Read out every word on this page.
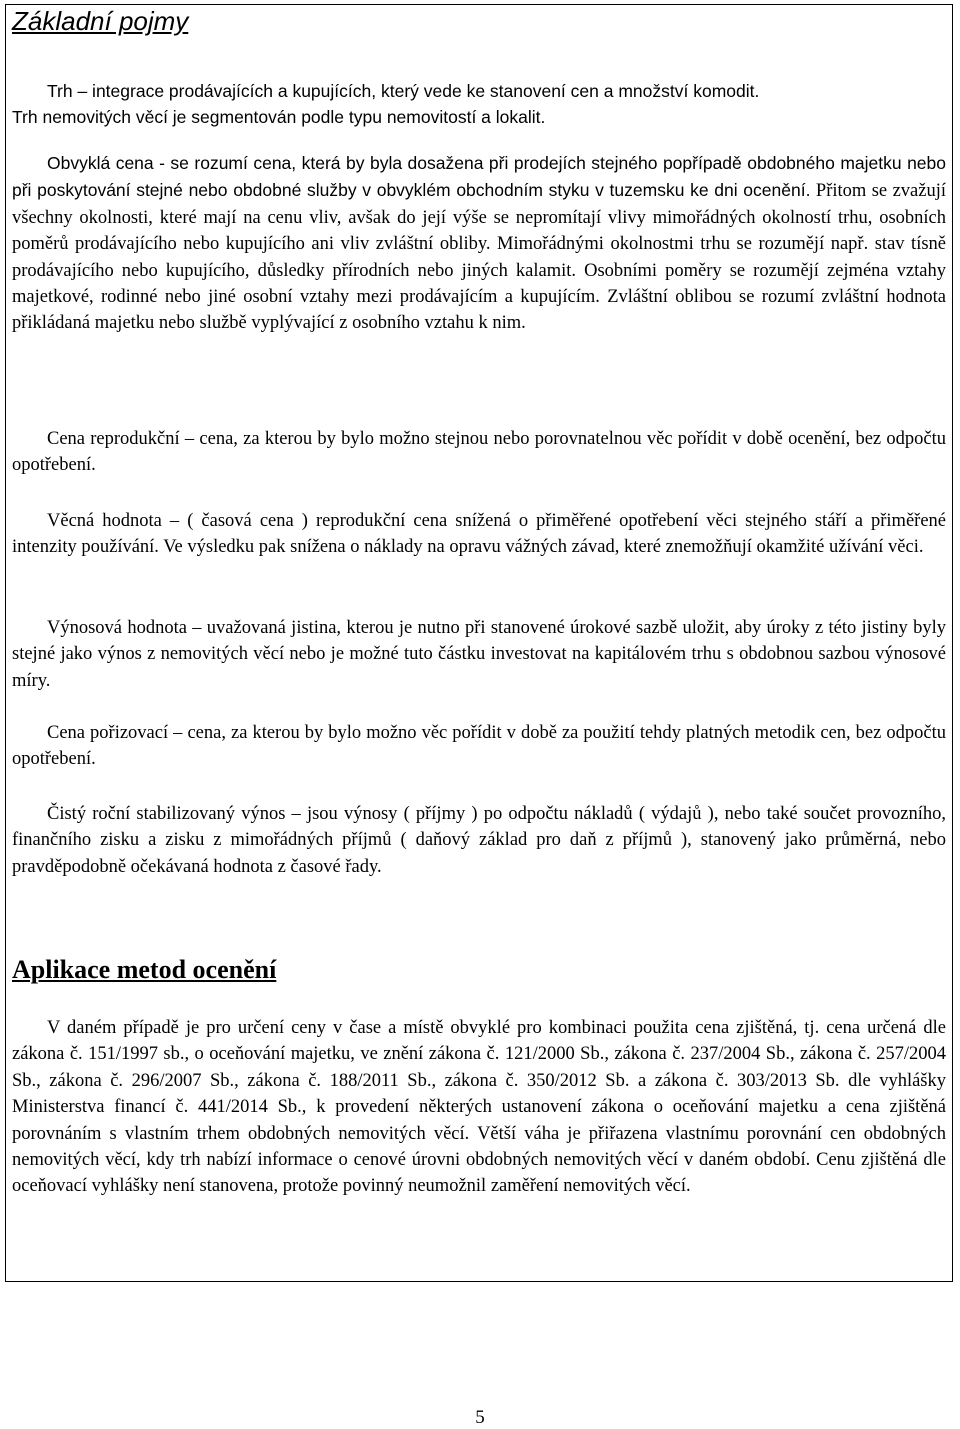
Základní pojmy

Trh – integrace prodávajících a kupujících, který vede ke stanovení cen a množství komodit.

Trh nemovitých věcí je segmentován podle typu nemovitostí a lokalit.

Obvyklá cena - se rozumí cena, která by byla dosažena při prodejích stejného popřípadě obdobného majetku nebo při poskytování stejné nebo obdobné služby v obvyklém obchodním styku v tuzemsku ke dni ocenění. Přitom se zvažují všechny okolnosti, které mají na cenu vliv, avšak do její výše se nepromítají vlivy mimořádných okolností trhu, osobních poměrů prodávajícího nebo kupujícího ani vliv zvláštní obliby. Mimořádnými okolnostmi trhu se rozumějí např. stav tísně prodávajícího nebo kupujícího, důsledky přírodních nebo jiných kalamit. Osobními poměry se rozumějí zejména vztahy majetkové, rodinné nebo jiné osobní vztahy mezi prodávajícím a kupujícím. Zvláštní oblibou se rozumí zvláštní hodnota přikládaná majetku nebo službě vyplývající z osobního vztahu k nim.

Cena reprodukční – cena, za kterou by bylo možno stejnou nebo porovnatelnou věc pořídit v době ocenění, bez odpočtu opotřebení.

Věcná hodnota – ( časová cena ) reprodukční cena snížená o přiměřené opotřebení věci stejného stáří a přiměřené intenzity používání. Ve výsledku pak snížena o náklady na opravu vážných závad, které znemožňují okamžité užívání věci.

Výnosová hodnota – uvažovaná jistina, kterou je nutno při stanovené úrokové sazbě uložit, aby úroky z této jistiny byly stejné jako výnos z nemovitých věcí nebo je možné tuto částku investovat na kapitálovém trhu s obdobnou sazbou výnosové míry.

Cena pořizovací – cena, za kterou by bylo možno věc pořídit v době za použití tehdy platných metodik cen, bez odpočtu opotřebení.

Čistý roční stabilizovaný výnos – jsou výnosy ( příjmy ) po odpočtu nákladů ( výdajů ), nebo také součet provozního, finančního zisku a zisku z mimořádných příjmů ( daňový základ pro daň z příjmů ), stanovený jako průměrná, nebo pravděpodobně očekávaná hodnota z časové řady.

Aplikace metod ocenění

V daném případě je pro určení ceny v čase a místě obvyklé pro kombinaci použita cena zjištěná, tj. cena určená dle zákona č. 151/1997 sb., o oceňování majetku, ve znění zákona č. 121/2000 Sb., zákona č. 237/2004 Sb., zákona č. 257/2004 Sb., zákona č. 296/2007 Sb., zákona č. 188/2011 Sb., zákona č. 350/2012 Sb. a zákona č. 303/2013 Sb. dle vyhlášky Ministerstva financí č. 441/2014 Sb., k provedení některých ustanovení zákona o oceňování majetku a cena zjištěná porovnáním s vlastním trhem obdobných nemovitých věcí. Větší váha je přiřazena vlastnímu porovnání cen obdobných nemovitých věcí, kdy trh nabízí informace o cenové úrovni obdobných nemovitých věcí v daném období. Cenu zjištěná dle oceňovací vyhlášky není stanovena, protože povinný neumožnil zaměření nemovitých věcí.

5
